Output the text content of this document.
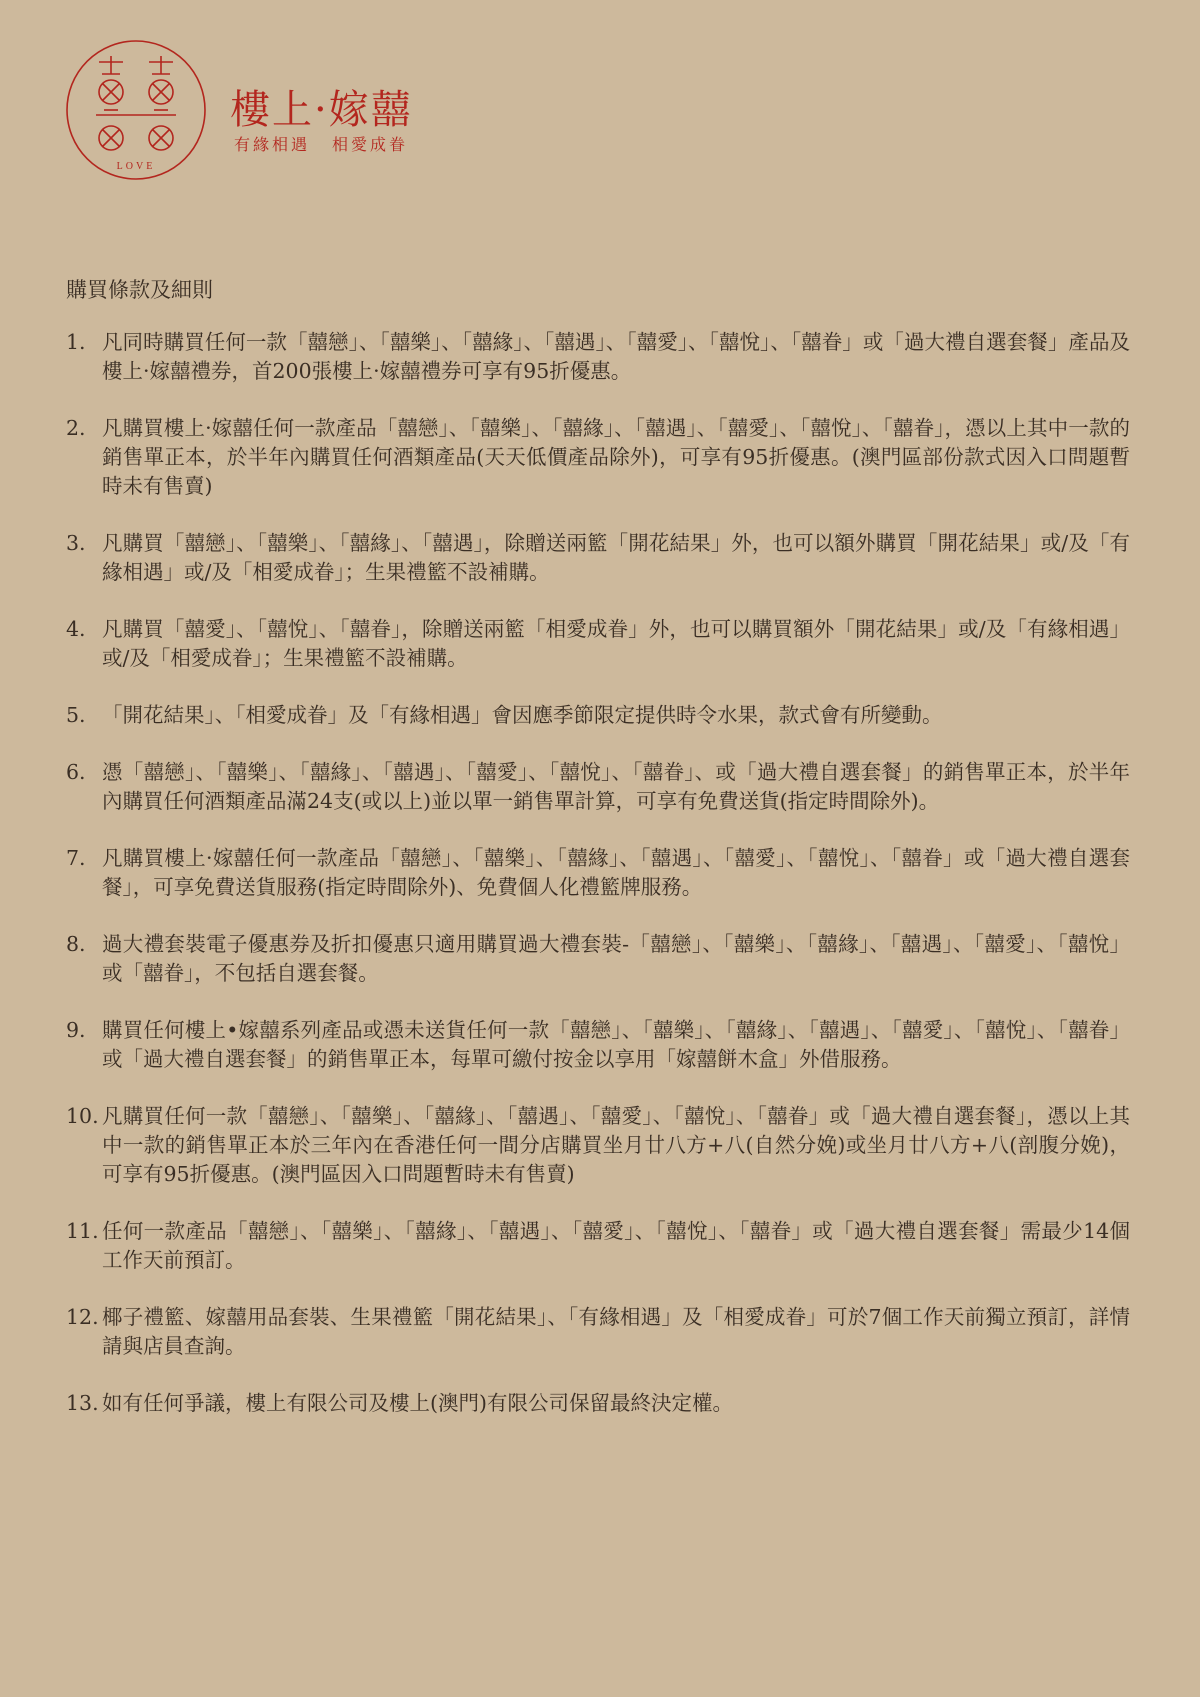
LOVE
樓上·嫁囍
有緣相遇 相愛成眷
購買條款及細則
1. 凡同時購買任何一款「囍戀」、「囍樂」、「囍緣」、「囍遇」、「囍愛」、「囍悅」、「囍眷」或「過大禮自選套餐」產品及樓上·嫁囍禮券，首200張樓上·嫁囍禮券可享有95折優惠。
2. 凡購買樓上·嫁囍任何一款產品「囍戀」、「囍樂」、「囍緣」、「囍遇」、「囍愛」、「囍悅」、「囍眷」，憑以上其中一款的銷售單正本，於半年內購買任何酒類產品(天天低價產品除外)，可享有95折優惠。(澳門區部份款式因入口問題暫時未有售賣)
3. 凡購買「囍戀」、「囍樂」、「囍緣」、「囍遇」，除贈送兩籃「開花結果」外，也可以額外購買「開花結果」或/及「有緣相遇」或/及「相愛成眷」；生果禮籃不設補購。
4. 凡購買「囍愛」、「囍悅」、「囍眷」，除贈送兩籃「相愛成眷」外，也可以購買額外「開花結果」或/及「有緣相遇」或/及「相愛成眷」；生果禮籃不設補購。
5. 「開花結果」、「相愛成眷」及「有緣相遇」會因應季節限定提供時令水果，款式會有所變動。
6. 憑「囍戀」、「囍樂」、「囍緣」、「囍遇」、「囍愛」、「囍悅」、「囍眷」、或「過大禮自選套餐」的銷售單正本，於半年內購買任何酒類產品滿24支(或以上)並以單一銷售單計算，可享有免費送貨(指定時間除外)。
7. 凡購買樓上·嫁囍任何一款產品「囍戀」、「囍樂」、「囍緣」、「囍遇」、「囍愛」、「囍悅」、「囍眷」或「過大禮自選套餐」，可享免費送貨服務(指定時間除外)、免費個人化禮籃牌服務。
8. 過大禮套裝電子優惠券及折扣優惠只適用購買過大禮套裝-「囍戀」、「囍樂」、「囍緣」、「囍遇」、「囍愛」、「囍悅」或「囍眷」，不包括自選套餐。
9. 購買任何樓上•嫁囍系列產品或憑未送貨任何一款「囍戀」、「囍樂」、「囍緣」、「囍遇」、「囍愛」、「囍悅」、「囍眷」或「過大禮自選套餐」的銷售單正本，每單可繳付按金以享用「嫁囍餅木盒」外借服務。
10. 凡購買任何一款「囍戀」、「囍樂」、「囍緣」、「囍遇」、「囍愛」、「囍悅」、「囍眷」或「過大禮自選套餐」，憑以上其中一款的銷售單正本於三年內在香港任何一間分店購買坐月廿八方+八(自然分娩)或坐月廿八方+八(剖腹分娩)，可享有95折優惠。(澳門區因入口問題暫時未有售賣)
11. 任何一款產品「囍戀」、「囍樂」、「囍緣」、「囍遇」、「囍愛」、「囍悅」、「囍眷」或「過大禮自選套餐」需最少14個工作天前預訂。
12. 椰子禮籃、嫁囍用品套裝、生果禮籃「開花結果」、「有緣相遇」及「相愛成眷」可於7個工作天前獨立預訂，詳情請與店員查詢。
13. 如有任何爭議，樓上有限公司及樓上(澳門)有限公司保留最終決定權。
